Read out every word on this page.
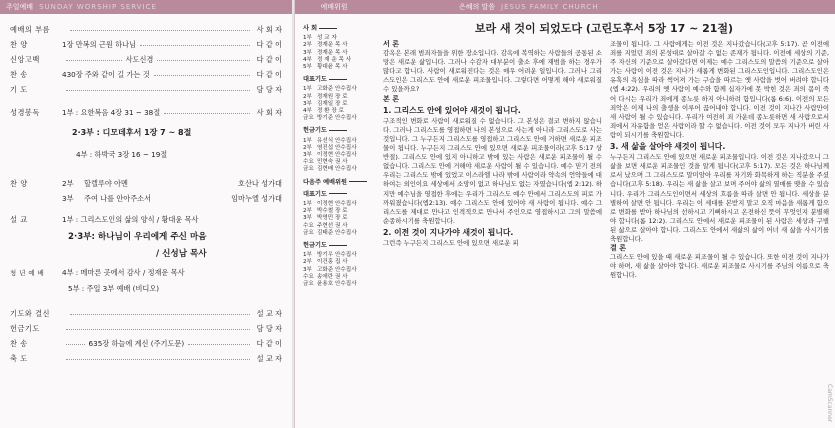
주일예배 SUNDAY WORSHIP SERVICE
예배의 부름	사 회 자
찬 양	1장 만복의 근원 하나님	다 같 이
신앙고백	사도신경	다 같 이
찬 송	430장 주와 같이 길 가는 것	다 같 이
기 도	담 당 자
성경봉독	1부 : 요한복음 4장 31 ~ 38절	사 회 자
2·3부 : 디모데후서 1장 7 ~ 8절
4부 : 하박국 3장 16 ~ 19절
찬 양	2부	할렐루야 아멘	호산나 성가대
3부	주여 나를 안아주소서	임마누엘 성가대
설 교	1부 : 그리스도인의 삶의 양식 / 황대윤 목사
2·3부: 하나님이 우리에게 주신 마음
/ 신성남 목사
청 년 예 배	4부 : 메마른 곳에서 감사 / 정재운 목사
5부 : 주일 3부 예배 (비디오)
기도와 결신	설 교 자
헌금기도	담 당 자
찬 송	635장 하늘에 계신 (주기도문)	다 같 이
축 도	설 교 자
예배위원
사 회
1부 성 교 자
2부 정재운 목 사
3부 정재운 목 사
4부 정 재 운 목 사
5부 황대윤 목 사
대표기도
1부 고화준 안수집사
2부 정재원 장 로
3부 김재일 장 로
4부 정 환 장 로
금요 방기준 안수집사
헌금기도
1부 유선식 안수집사
2부 염진섭 안수집사
3부 이정현 안수집사
수요 민현숙 권 사
금요 김현배 안수집사
다음주 예배위원
대표기도
1부 이정현 안수집사
2부 박수철 장 로
3부 박영민 장 로
수요 주현선 권 사
금요 김태준 안수집사
헌금기도
1부 방기우 안수집사
2부 이건홍 집 사
3부 고화준 안수집사
수요 송애란 권 사
금요 윤용호 안수집사
은혜의 말씀 JESUS FAMILY CHURCH
보라 새 것이 되었도다 (고린도후서 5장 17 ~ 21절)
서 론
감옥은 본래 범죄자들을 위한 장소입니다. 감옥에 복역하는 사람들의 공통된 소망은 새로운 삶입니다. 그러나 수감자 대부분이 출소 후에 재범을 하는 경우가 많다고 합니다. 사람이 새로워진다는 것은 매우 어려운 일입니다. 그러나 그리스도인은 그리스도 안에 새로운 피조물입니다. 그렇다면 어떻게 해야 새로워질 수 있을까요?
본 론
1. 그리스도 안에 있어야 새것이 됩니다.
구조적인 변화로 사람이 새로워질 수 없습니다. 그 본성은 결코 변하지 않습니다. 그러나 그리스도를 영접하면 나의 본성으로 사는게 아니라 그리스도로 사는 것입니다. 그 누구든지 그리스도를 영접하고 그리스도 안에 거하면 새로운 피조물이 됩니다. 누구든지 그리스도 안에 있으면 새로운 피조물이라(고후 5:17 상반절). 그리스도 안에 있지 아니하고 밖에 있는 사람은 새로운 피조물이 될 수 없습니다. 그리스도 안에 거해야 새로운 사람이 될 수 있습니다. 예수 믿기 전의 우리는 그리스도 밖에 있었고 이스라엘 나라 밖에 사람이라 약속의 언약들에 대하여는 외인이요 세상에서 소망이 없고 하나님도 없는 자였습니다(엡 2:12). 하지만 예수님을 영접한 후에는 우리가 그리스도 예수 안에서 그리스도의 피로 가까워졌습니다(엡2:13). 예수 그리스도 안에 있어야 새 사람이 됩니다. 예수 그리스도를 제대로 만나고 인격적으로 만나서 주인으로 영접하시고 그의 말씀에 순종하시기를 축원합니다.
2. 이전 것이 지나가야 새것이 됩니다.
그런즉 누구든지 그리스도 안에 있으면 새로운 피
조물이 됩니다. 그 사람에게는 이전 것은 지나갔습니다(고후 5:17). 곧 이전에 죄를 지었던 죄의 본성대로 살아갈 수 없는 존재가 됩니다. 이전에 세상의 기준, 주 자신의 기준으로 살아갔다면 이제는 예수 그리스도의 말씀의 기준으로 살아가는 사람이 이전 것은 지나가 새롭게 변화된 그리스도인입니다. 그리스도인은 유혹의 욕심을 따라 썩어져 가는 구습을 따르는 옛 사람을 벗어 버려야 합니다(엡 4:22). 우리의 옛 사람이 예수와 함께 십자가에 못 박힌 것은 죄의 몸이 죽어 다시는 우리가 죄에게 종노릇 하지 아니하려 함입니다(롬 6:6). 이전의 모든 죄악은 이제 나의 출생을 이루어 끊어내야 합니다. 이전 것이 지나간 사람만이 새 사람이 될 수 있습니다. 우리가 여전히 죄 가운데 종노릇하면 새 사람으로서 죄에서 자유함을 얻은 사람이라 할 수 없습니다. 이전 것이 모두 지나가 버린 사람이 되시기를 축원합니다.
3. 새 삶을 살아야 새것이 됩니다.
누구든지 그리스도 안에 있으면 새로운 피조물입니다. 이전 것은 지나갔으니 그 삶을 보면 새로운 피조물인 것을 알게 됩니다(고후 5:17). 모든 것은 하나님께로서 났으며 그 그리스도로 말미암아 우리를 자기와 화목하게 하는 직분을 주셨습니다(고후 5:18). 우리는 새 삶을 살고 보며 주어야 삶의 열매를 맺을 수 있습니다. 우리가 그리스도인이면서 세상의 흐름을 따라 살면 안 됩니다. 세상을 분별하여 살면 안 됩니다. 우리는 이 세대를 본받지 말고 오직 마음을 새롭게 함으로 변화를 받아 하나님의 선하시고 기뻐하시고 온전하신 뜻이 무엇인지 분별해야 합니다(롬 12:2). 그리스도 안에서 새로운 피조물이 된 사람은 세상과 구별된 삶으로 살아야 합니다. 그리스도 안에서 새삶의 삶이 어너 새 삶을 사시기를 축원합니다.
결 론
그리스도 안에 있을 때 새로운 피조물이 될 수 있습니다. 또한 이전 것이 지나가야 하며, 새 삶을 살아야 합니다. 새로운 피조물로 사시기를 주님의 이름으로 축원합니다.
CamScanner
